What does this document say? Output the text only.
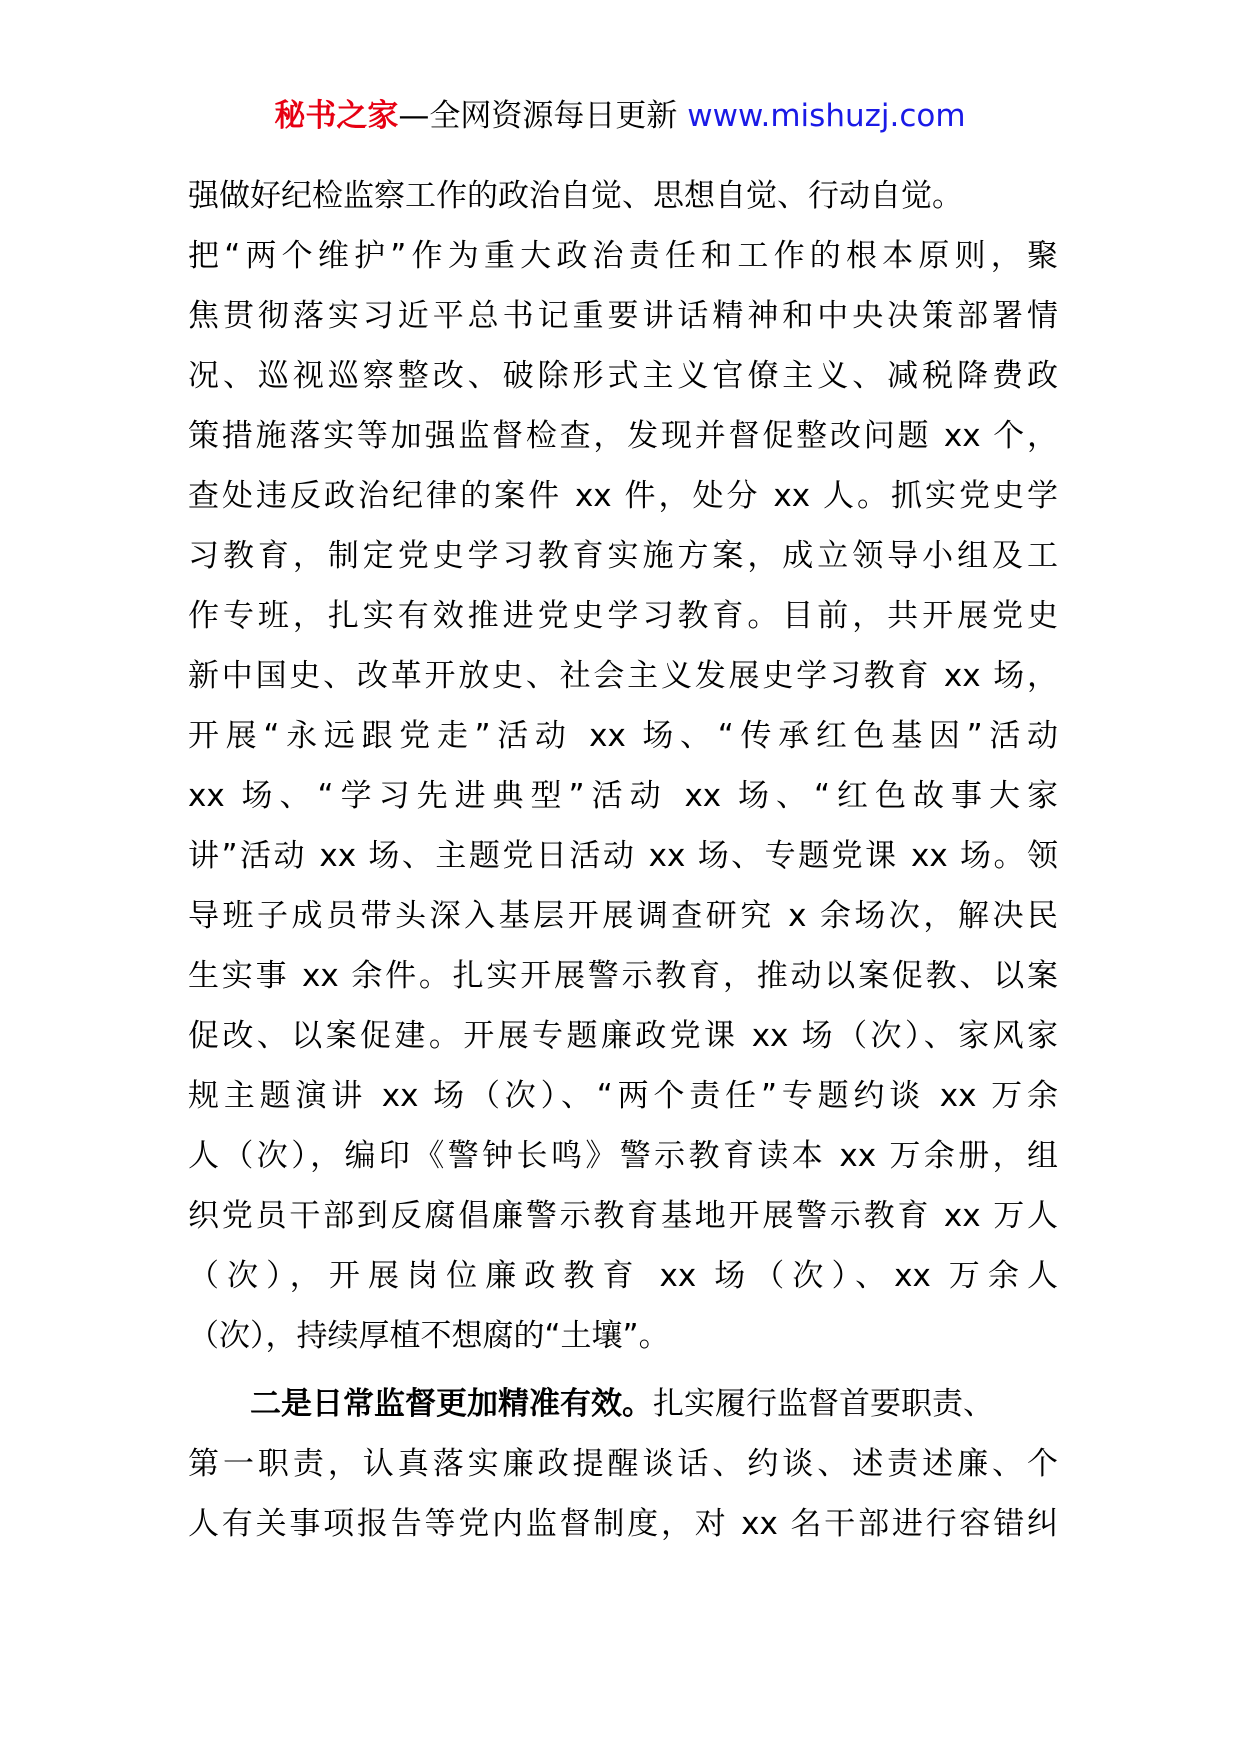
秘书之家—全网资源每日更新 www.mishuzj.com
强做好纪检监察工作的政治自觉、思想自觉、行动自觉。
把“两个维护”作为重大政治责任和工作的根本原则，聚
焦贯彻落实习近平总书记重要讲话精神和中央决策部署情
况、巡视巡察整改、破除形式主义官僚主义、减税降费政
策措施落实等加强监督检查，发现并督促整改问题 xx 个，
查处违反政治纪律的案件 xx 件，处分 xx 人。抓实党史学
习教育，制定党史学习教育实施方案，成立领导小组及工
作专班，扎实有效推进党史学习教育。目前，共开展党史
新中国史、改革开放史、社会主义发展史学习教育 xx 场，
开展“永远跟党走”活动 xx 场、“传承红色基因”活动
xx 场、“学习先进典型”活动 xx 场、“红色故事大家
讲”活动 xx 场、主题党日活动 xx 场、专题党课 xx 场。领
导班子成员带头深入基层开展调查研究 x 余场次，解决民
生实事 xx 余件。扎实开展警示教育，推动以案促教、以案
促改、以案促建。开展专题廉政党课 xx 场（次）、家风家
规主题演讲 xx 场（次）、“两个责任”专题约谈 xx 万余
人（次），编印《警钟长鸣》警示教育读本 xx 万余册，组
织党员干部到反腐倡廉警示教育基地开展警示教育 xx 万人
（次），开展岗位廉政教育 xx 场（次）、xx 万余人
（次），持续厚植不想腐的“土壤”。
二是日常监督更加精准有效。扎实履行监督首要职责、
第一职责，认真落实廉政提醒谈话、约谈、述责述廉、个
人有关事项报告等党内监督制度，对 xx 名干部进行容错纠
